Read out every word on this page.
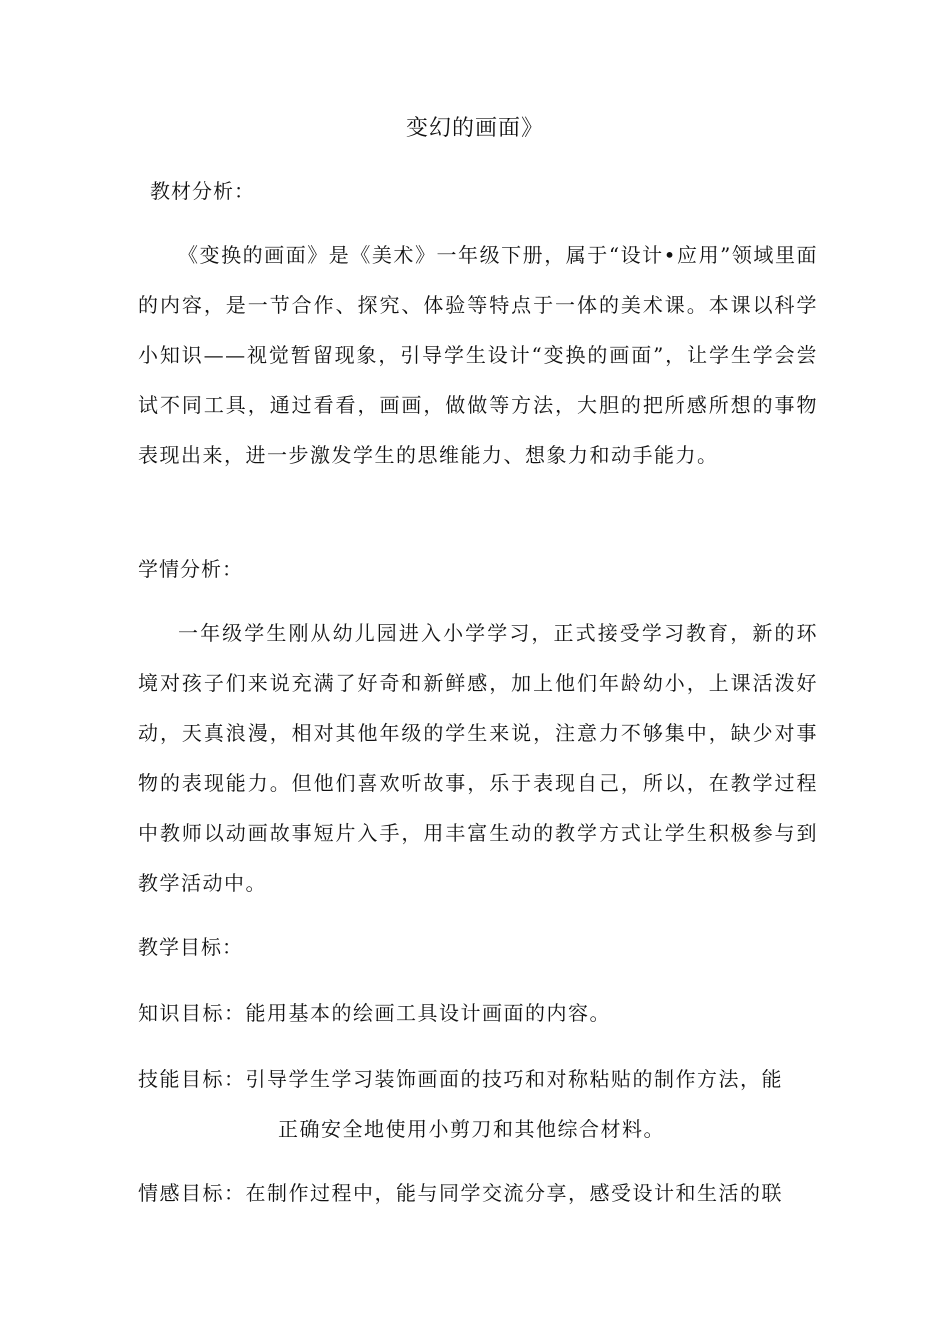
变幻的画面》
教材分析：
《变换的画面》是《美术》一年级下册，属于“设计•应用”领域里面的内容，是一节合作、探究、体验等特点于一体的美术课。本课以科学小知识——视觉暂留现象，引导学生设计“变换的画面”，让学生学会尝试不同工具，通过看看，画画，做做等方法，大胆的把所感所想的事物表现出来，进一步激发学生的思维能力、想象力和动手能力。
学情分析：
一年级学生刚从幼儿园进入小学学习，正式接受学习教育，新的环境对孩子们来说充满了好奇和新鲜感，加上他们年龄幼小，上课活泼好动，天真浪漫，相对其他年级的学生来说，注意力不够集中，缺少对事物的表现能力。但他们喜欢听故事，乐于表现自己，所以，在教学过程中教师以动画故事短片入手，用丰富生动的教学方式让学生积极参与到教学活动中。
教学目标：
知识目标：能用基本的绘画工具设计画面的内容。
技能目标：引导学生学习装饰画面的技巧和对称粘贴的制作方法，能
正确安全地使用小剪刀和其他综合材料。
情感目标：在制作过程中，能与同学交流分享，感受设计和生活的联
